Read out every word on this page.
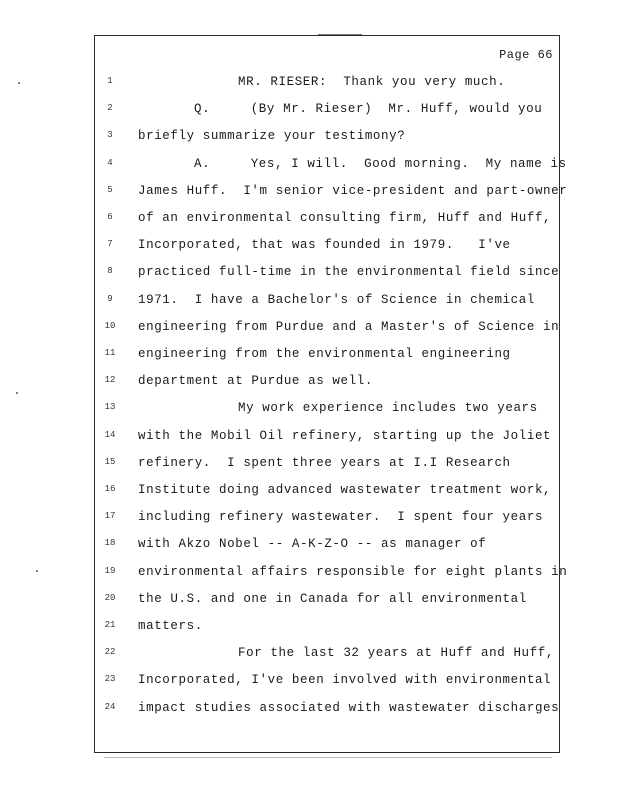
Page 66
1	MR. RIESER:  Thank you very much.
2	Q.     (By Mr. Rieser)  Mr. Huff, would you
3	briefly summarize your testimony?
4	A.     Yes, I will.  Good morning.  My name is
5	James Huff.  I'm senior vice-president and part-owner
6	of an environmental consulting firm, Huff and Huff,
7	Incorporated, that was founded in 1979.   I've
8	practiced full-time in the environmental field since
9	1971.  I have a Bachelor's of Science in chemical
10	engineering from Purdue and a Master's of Science in
11	engineering from the environmental engineering
12	department at Purdue as well.
13	My work experience includes two years
14	with the Mobil Oil refinery, starting up the Joliet
15	refinery.  I spent three years at I.I Research
16	Institute doing advanced wastewater treatment work,
17	including refinery wastewater.  I spent four years
18	with Akzo Nobel -- A-K-Z-O -- as manager of
19	environmental affairs responsible for eight plants in
20	the U.S. and one in Canada for all environmental
21	matters.
22	For the last 32 years at Huff and Huff,
23	Incorporated, I've been involved with environmental
24	impact studies associated with wastewater discharges
